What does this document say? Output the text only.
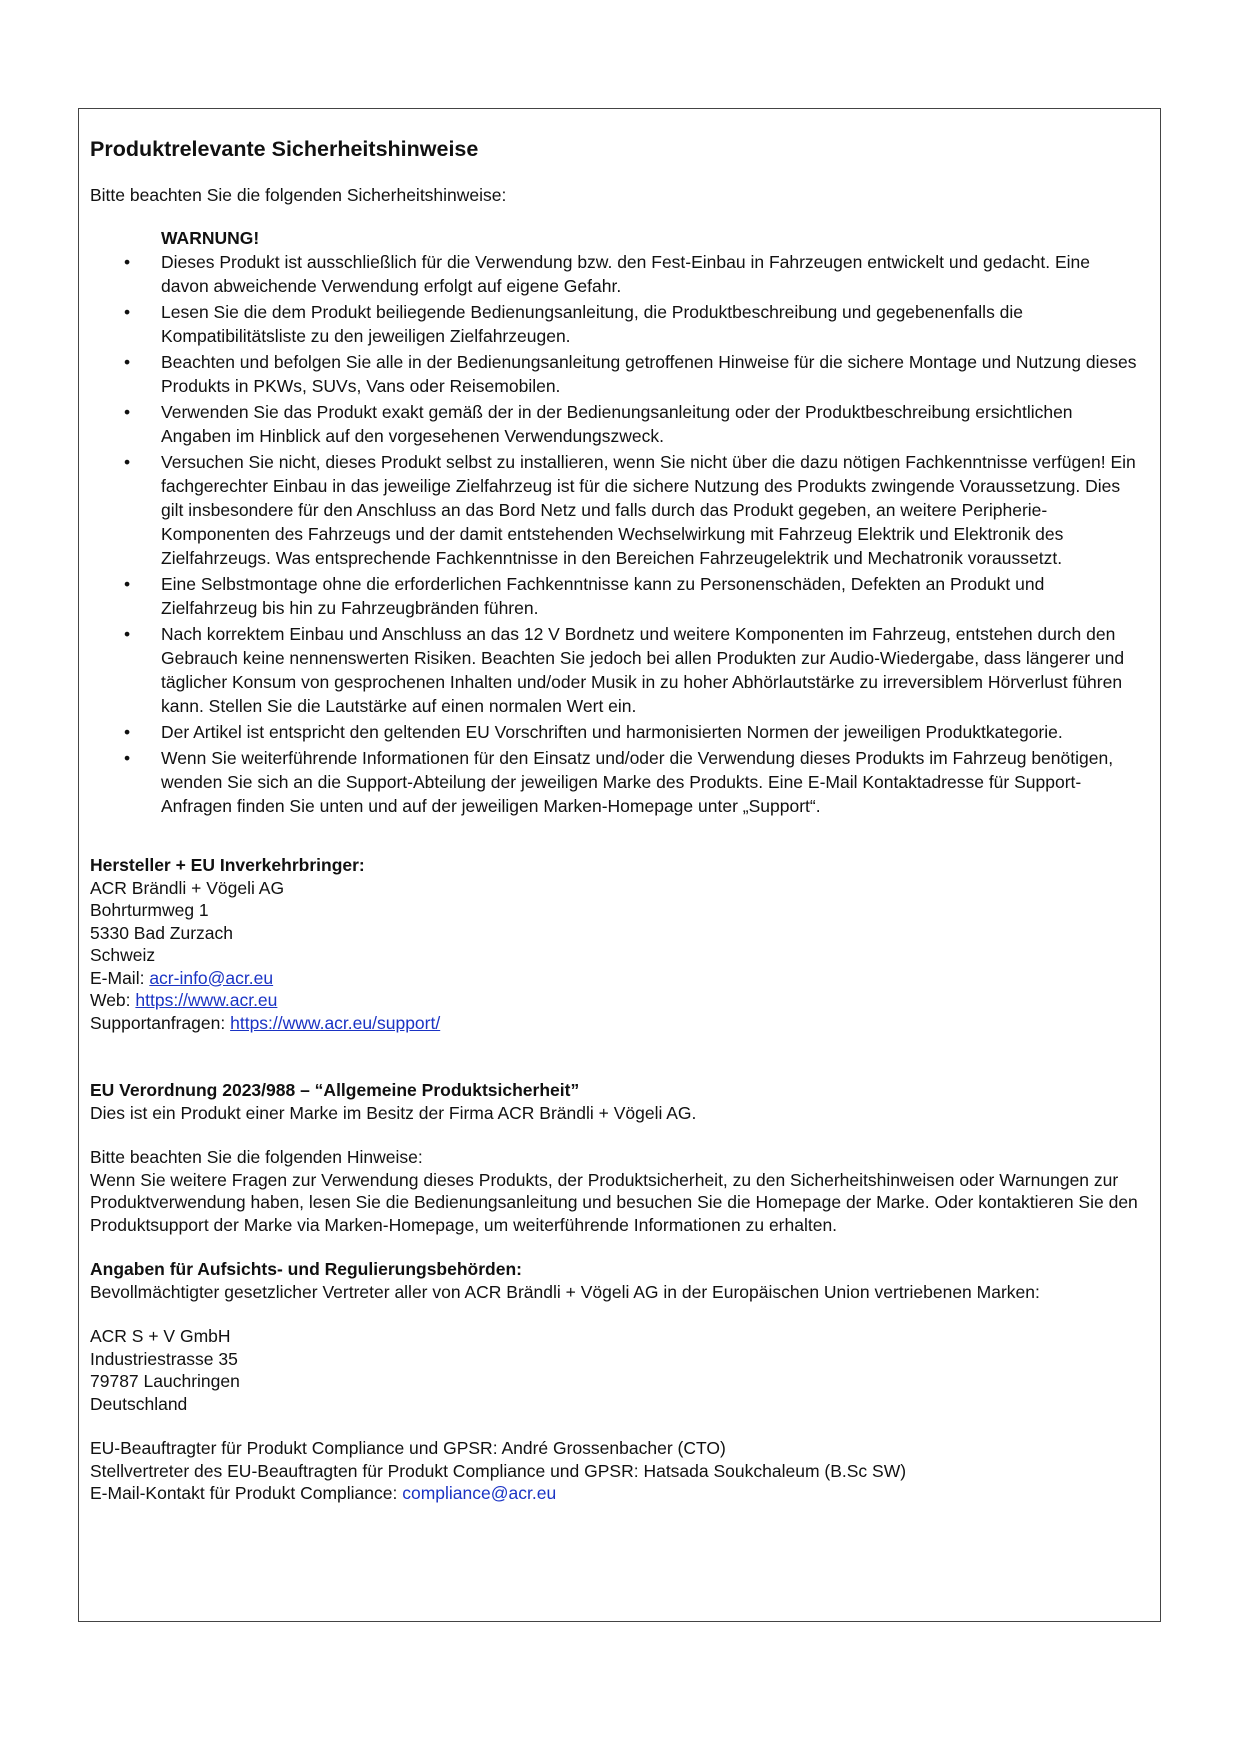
Produktrelevante Sicherheitshinweise

Bitte beachten Sie die folgenden Sicherheitshinweise:

WARNUNG!
• Dieses Produkt ist ausschließlich für die Verwendung bzw. den Fest-Einbau in Fahrzeugen entwickelt und gedacht. Eine davon abweichende Verwendung erfolgt auf eigene Gefahr.
• Lesen Sie die dem Produkt beiliegende Bedienungsanleitung, die Produktbeschreibung und gegebenenfalls die Kompatibilitätsliste zu den jeweiligen Zielfahrzeugen.
• Beachten und befolgen Sie alle in der Bedienungsanleitung getroffenen Hinweise für die sichere Montage und Nutzung dieses Produkts in PKWs, SUVs, Vans oder Reisemobilen.
• Verwenden Sie das Produkt exakt gemäß der in der Bedienungsanleitung oder der Produktbeschreibung ersichtlichen Angaben im Hinblick auf den vorgesehenen Verwendungszweck.
• Versuchen Sie nicht, dieses Produkt selbst zu installieren, wenn Sie nicht über die dazu nötigen Fachkenntnisse verfügen! Ein fachgerechter Einbau in das jeweilige Zielfahrzeug ist für die sichere Nutzung des Produkts zwingende Voraussetzung. Dies gilt insbesondere für den Anschluss an das Bord Netz und falls durch das Produkt gegeben, an weitere Peripherie-Komponenten des Fahrzeugs und der damit entstehenden Wechselwirkung mit Fahrzeug Elektrik und Elektronik des Zielfahrzeugs. Was entsprechende Fachkenntnisse in den Bereichen Fahrzeugelektrik und Mechatronik voraussetzt.
• Eine Selbstmontage ohne die erforderlichen Fachkenntnisse kann zu Personenschäden, Defekten an Produkt und Zielfahrzeug bis hin zu Fahrzeugbränden führen.
• Nach korrektem Einbau und Anschluss an das 12 V Bordnetz und weitere Komponenten im Fahrzeug, entstehen durch den Gebrauch keine nennenswerten Risiken. Beachten Sie jedoch bei allen Produkten zur Audio-Wiedergabe, dass längerer und täglicher Konsum von gesprochenen Inhalten und/oder Musik in zu hoher Abhörlautstärke zu irreversiblem Hörverlust führen kann. Stellen Sie die Lautstärke auf einen normalen Wert ein.
• Der Artikel ist entspricht den geltenden EU Vorschriften und harmonisierten Normen der jeweiligen Produktkategorie.
• Wenn Sie weiterführende Informationen für den Einsatz und/oder die Verwendung dieses Produkts im Fahrzeug benötigen, wenden Sie sich an die Support-Abteilung der jeweiligen Marke des Produkts. Eine E-Mail Kontaktadresse für Support-Anfragen finden Sie unten und auf der jeweiligen Marken-Homepage unter „Support“.
Hersteller + EU Inverkehrbringer:
ACR Brändli + Vögeli AG
Bohrturmweg 1
5330 Bad Zurzach
Schweiz
E-Mail: acr-info@acr.eu
Web: https://www.acr.eu
Supportanfragen: https://www.acr.eu/support/
EU Verordnung 2023/988 – “Allgemeine Produktsicherheit”
Dies ist ein Produkt einer Marke im Besitz der Firma ACR Brändli + Vögeli AG.
Bitte beachten Sie die folgenden Hinweise:
Wenn Sie weitere Fragen zur Verwendung dieses Produkts, der Produktsicherheit, zu den Sicherheitshinweisen oder Warnungen zur Produktverwendung haben, lesen Sie die Bedienungsanleitung und besuchen Sie die Homepage der Marke. Oder kontaktieren Sie den Produktsupport der Marke via Marken-Homepage, um weiterführende Informationen zu erhalten.
Angaben für Aufsichts- und Regulierungsbehörden:
Bevollmächtigter gesetzlicher Vertreter aller von ACR Brändli + Vögeli AG in der Europäischen Union vertriebenen Marken:
ACR S + V GmbH
Industriestrasse 35
79787 Lauchringen
Deutschland
EU-Beauftragter für Produkt Compliance und GPSR: André Grossenbacher (CTO)
Stellvertreter des EU-Beauftragten für Produkt Compliance und GPSR: Hatsada Soukchaleum (B.Sc SW)
E-Mail-Kontakt für Produkt Compliance: compliance@acr.eu
